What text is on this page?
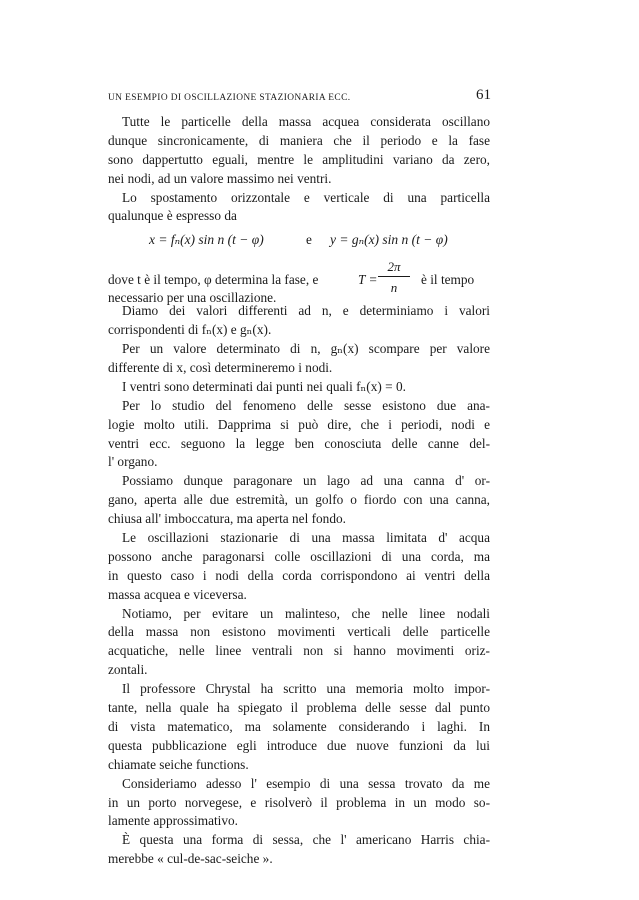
UN ESEMPIO DI OSCILLAZIONE STAZIONARIA ECC.	61
Tutte le particelle della massa acquea considerata oscillano
dunque sincronicamente, di maniera che il periodo e la fase
sono dappertutto eguali, mentre le amplitudini variano da zero,
nei nodi, ad un valore massimo nei ventri.
Lo spostamento orizzontale e verticale di una particella
qualunque è espresso da
x = fₙ(x) sin n (t − φ)	e y = gₙ(x) sin n (t − φ)
dove t è il tempo, φ determina la fase, e	T =
2π
n
è il tempo
necessario per una oscillazione.
Diamo dei valori differenti ad n, e determiniamo i valori
corrispondenti di fₙ(x) e gₙ(x).
Per un valore determinato di n, gₙ(x) scompare per valore
differente di x, così determineremo i nodi.
I ventri sono determinati dai punti nei quali fₙ(x) = 0.
Per lo studio del fenomeno delle sesse esistono due ana-
logie molto utili. Dapprima si può dire, che i periodi, nodi e
ventri ecc. seguono la legge ben conosciuta delle canne del-
l' organo.
Possiamo dunque paragonare un lago ad una canna d' or-
gano, aperta alle due estremità, un golfo o fiordo con una canna,
chiusa all' imboccatura, ma aperta nel fondo.
Le oscillazioni stazionarie di una massa limitata d' acqua
possono anche paragonarsi colle oscillazioni di una corda, ma
in questo caso i nodi della corda corrispondono ai ventri della
massa acquea e viceversa.
Notiamo, per evitare un malinteso, che nelle linee nodali
della massa non esistono movimenti verticali delle particelle
acquatiche, nelle linee ventrali non si hanno movimenti oriz-
zontali.
Il professore Chrystal ha scritto una memoria molto impor-
tante, nella quale ha spiegato il problema delle sesse dal punto
di vista matematico, ma solamente considerando i laghi. In
questa pubblicazione egli introduce due nuove funzioni da lui
chiamate seiche functions.
Consideriamo adesso l' esempio di una sessa trovato da me
in un porto norvegese, e risolverò il problema in un modo so-
lamente approssimativo.
È questa una forma di sessa, che l' americano Harris chia-
merebbe « cul-de-sac-seiche ».
